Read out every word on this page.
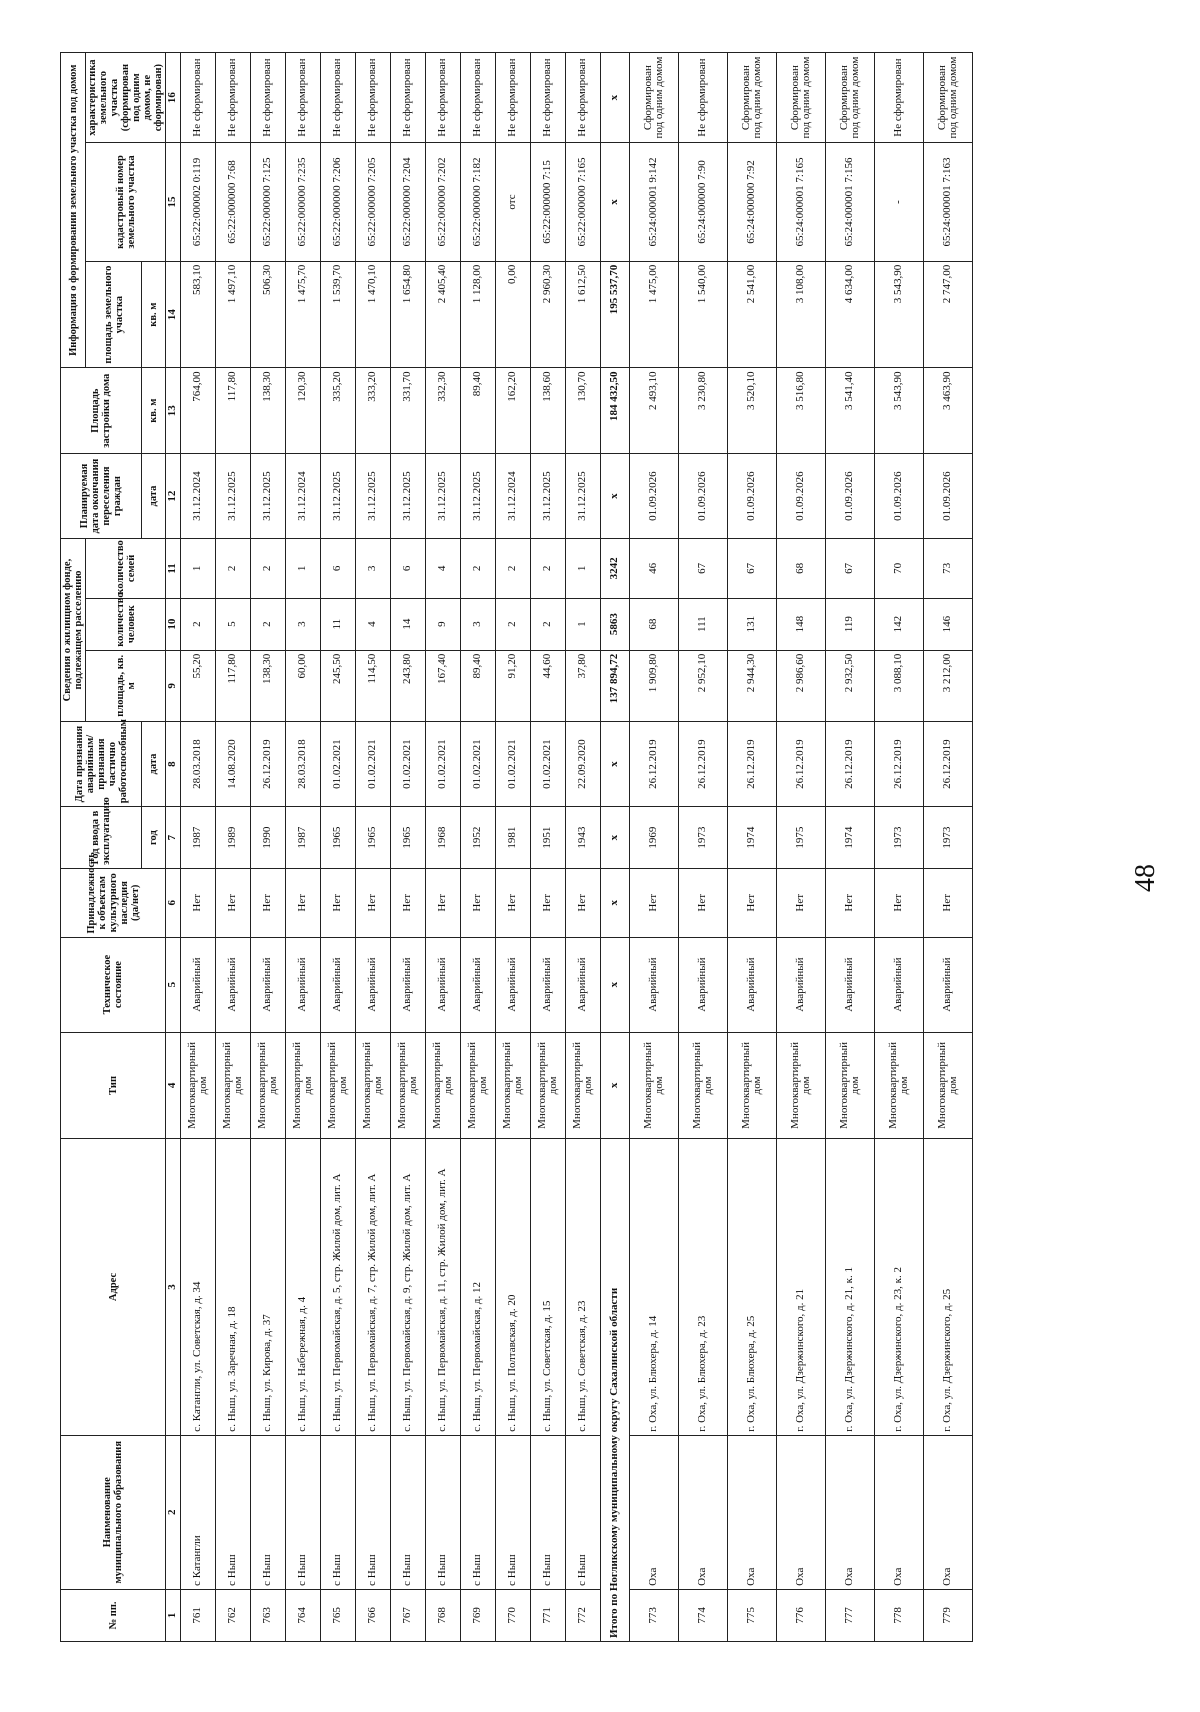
48
№ пп.	Наименование муниципального образования	Адрес	Тип	Техническое состояние	Принадлежность к объектам культурного наследия (да/нет)	Год ввода в эксплуатацию	Дата признания аварийным/признания частично работоспособным	Сведения о жилищном фонде, подлежащем расселению			Планируемая дата окончания переселения граждан	Площадь застройки дома	Информация о формировании земельного участка под домом		
								площадь, кв. м	количество человек	количество семей			площадь земельного участка	кадастровый номер земельного участка	характеристика земельного участка (сформирован под одним домом, не сформирован)
						год	дата				дата	кв. м	кв. м		
1	2	3	4	5	6	7	8	9	10	11	12	13	14	15	16
761	с Катангли	с. Катангли, ул. Советская, д. 34	Многоквартирный дом	Аварийный	Нет	1987	28.03.2018	55,20	2	1	31.12.2024	764,00	583,10	65:22:000002 0:119	Не сформирован
762	с Ныш	с. Ныш, ул. Заречная, д. 18	Многоквартирный дом	Аварийный	Нет	1989	14.08.2020	117,80	5	2	31.12.2025	117,80	1 497,10	65:22:000000 7:68	Не сформирован
763	с Ныш	с. Ныш, ул. Кирова, д. 37	Многоквартирный дом	Аварийный	Нет	1990	26.12.2019	138,30	2	2	31.12.2025	138,30	506,30	65:22:000000 7:125	Не сформирован
764	с Ныш	с. Ныш, ул. Набережная, д. 4	Многоквартирный дом	Аварийный	Нет	1987	28.03.2018	60,00	3	1	31.12.2024	120,30	1 475,70	65:22:000000 7:235	Не сформирован
765	с Ныш	с. Ныш, ул. Первомайская, д. 5, стр. Жилой дом, лит. А	Многоквартирный дом	Аварийный	Нет	1965	01.02.2021	245,50	11	6	31.12.2025	335,20	1 539,70	65:22:000000 7:206	Не сформирован
766	с Ныш	с. Ныш, ул. Первомайская, д. 7, стр. Жилой дом, лит. А	Многоквартирный дом	Аварийный	Нет	1965	01.02.2021	114,50	4	3	31.12.2025	333,20	1 470,10	65:22:000000 7:205	Не сформирован
767	с Ныш	с. Ныш, ул. Первомайская, д. 9, стр. Жилой дом, лит. А	Многоквартирный дом	Аварийный	Нет	1965	01.02.2021	243,80	14	6	31.12.2025	331,70	1 654,80	65:22:000000 7:204	Не сформирован
768	с Ныш	с. Ныш, ул. Первомайская, д. 11, стр. Жилой дом, лит. А	Многоквартирный дом	Аварийный	Нет	1968	01.02.2021	167,40	9	4	31.12.2025	332,30	2 405,40	65:22:000000 7:202	Не сформирован
769	с Ныш	с. Ныш, ул. Первомайская, д. 12	Многоквартирный дом	Аварийный	Нет	1952	01.02.2021	89,40	3	2	31.12.2025	89,40	1 128,00	65:22:000000 7:182	Не сформирован
770	с Ныш	с. Ныш, ул. Полтавская, д. 20	Многоквартирный дом	Аварийный	Нет	1981	01.02.2021	91,20	2	2	31.12.2024	162,20	0,00	отс	Не сформирован
771	с Ныш	с. Ныш, ул. Советская, д. 15	Многоквартирный дом	Аварийный	Нет	1951	01.02.2021	44,60	2	2	31.12.2025	138,60	2 960,30	65:22:000000 7:15	Не сформирован
772	с Ныш	с. Ныш, ул. Советская, д. 23	Многоквартирный дом	Аварийный	Нет	1943	22.09.2020	37,80	1	1	31.12.2025	130,70	1 612,50	65:22:000000 7:165	Не сформирован
Итого по Ногликскому муниципальному округу Сахалинской области			х	х	х	х	х	137 894,72	5863	3242	х	184 432,50	195 537,70	х	х
773	Оха	г. Оха, ул. Блюхера, д. 14	Многоквартирный дом	Аварийный	Нет	1969	26.12.2019	1 909,80	68	46	01.09.2026	2 493,10	1 475,00	65:24:000001 9:142	Сформирован под одним домом
774	Оха	г. Оха, ул. Блюхера, д. 23	Многоквартирный дом	Аварийный	Нет	1973	26.12.2019	2 952,10	111	67	01.09.2026	3 230,80	1 540,00	65:24:000000 7:90	Не сформирован
775	Оха	г. Оха, ул. Блюхера, д. 25	Многоквартирный дом	Аварийный	Нет	1974	26.12.2019	2 944,30	131	67	01.09.2026	3 520,10	2 541,00	65:24:000000 7:92	Сформирован под одним домом
776	Оха	г. Оха, ул. Дзержинского, д. 21	Многоквартирный дом	Аварийный	Нет	1975	26.12.2019	2 986,60	148	68	01.09.2026	3 516,80	3 108,00	65:24:000001 7:165	Сформирован под одним домом
777	Оха	г. Оха, ул. Дзержинского, д. 21, к. 1	Многоквартирный дом	Аварийный	Нет	1974	26.12.2019	2 932,50	119	67	01.09.2026	3 541,40	4 634,00	65:24:000001 7:156	Сформирован под одним домом
778	Оха	г. Оха, ул. Дзержинского, д. 23, к. 2	Многоквартирный дом	Аварийный	Нет	1973	26.12.2019	3 088,10	142	70	01.09.2026	3 543,90	3 543,90	-	Не сформирован
779	Оха	г. Оха, ул. Дзержинского, д. 25	Многоквартирный дом	Аварийный	Нет	1973	26.12.2019	3 212,00	146	73	01.09.2026	3 463,90	2 747,00	65:24:000001 7:163	Сформирован под одним домом
